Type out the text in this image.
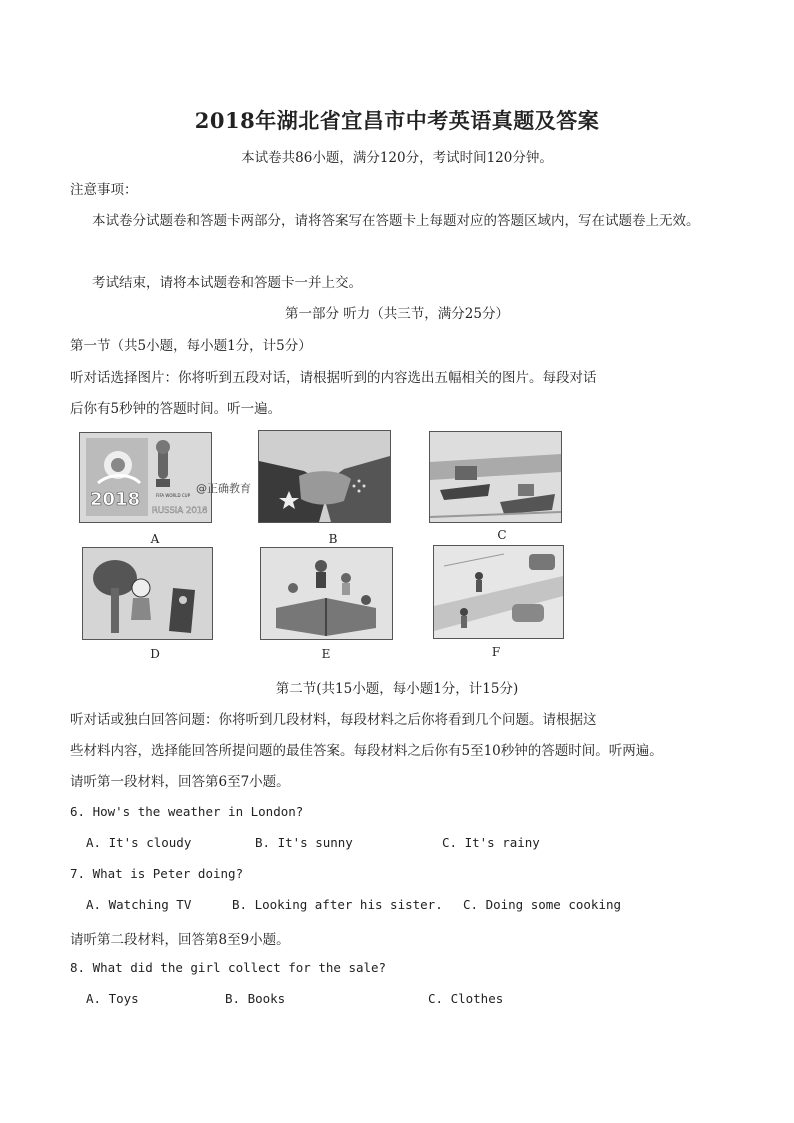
2018年湖北省宜昌市中考英语真题及答案
本试卷共86小题，满分120分，考试时间120分钟。
注意事项：
本试卷分试题卷和答题卡两部分，请将答案写在答题卡上每题对应的答题区域内，写在试题卷上无效。
考试结束，请将本试题卷和答题卡一并上交。
第一部分 听力（共三节，满分25分）
第一节（共5小题，每小题1分，计5分）
听对话选择图片：你将听到五段对话，请根据听到的内容选出五幅相关的图片。每段对话
后你有5秒钟的答题时间。听一遍。
2018	FIFA WORLD CUP
RUSSIA 2018
@正确教育
A	B	C
D	E	F
第二节(共15小题，每小题1分，计15分)
听对话或独白回答问题：你将听到几段材料，每段材料之后你将看到几个问题。请根据这
些材料内容，选择能回答所提问题的最佳答案。每段材料之后你有5至10秒钟的答题时间。听两遍。
请听第一段材料，回答第6至7小题。
6. How's the weather in London?
A. It's cloudy	B. It's sunny	C. It's rainy
7. What is Peter doing?
A. Watching TV	B. Looking after his sister. C. Doing some cooking
请听第二段材料，回答第8至9小题。
8. What did the girl collect for the sale?
A. Toys	B. Books	C. Clothes
